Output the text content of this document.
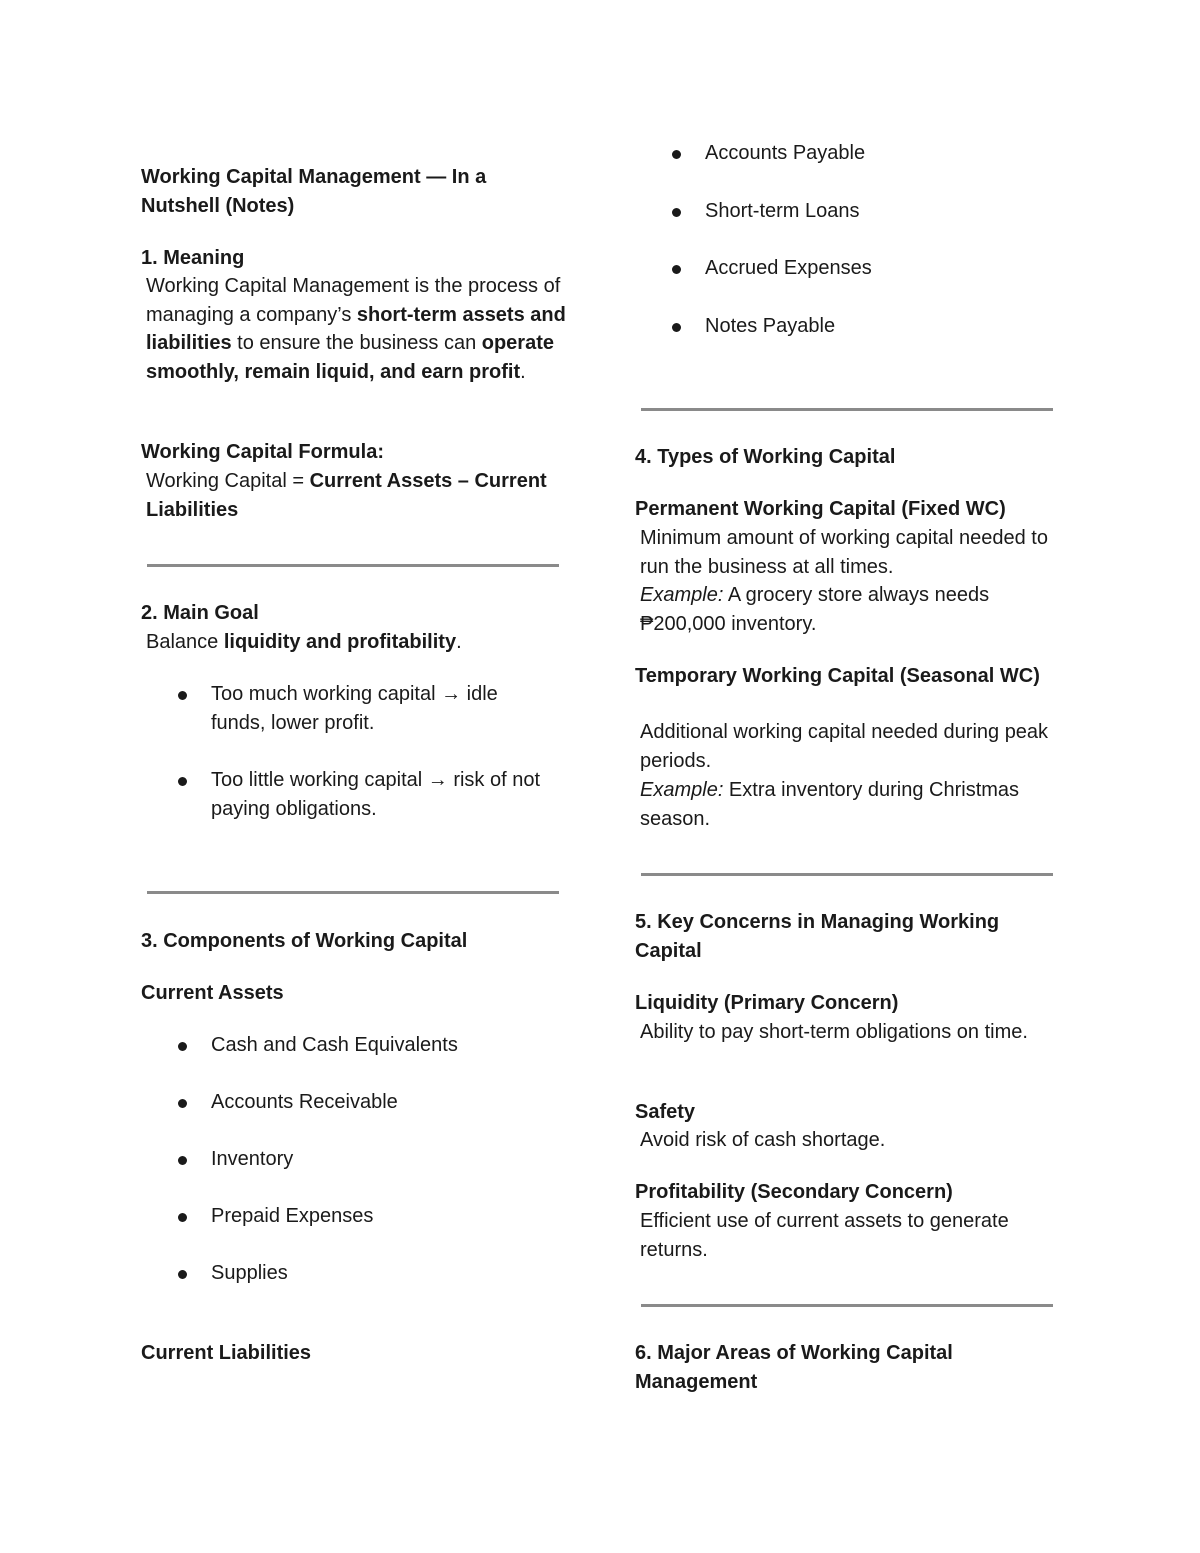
Working Capital Management — In a Nutshell (Notes)

1. Meaning

Working Capital Management is the process of managing a company’s short-term assets and liabilities to ensure the business can operate smoothly, remain liquid, and earn profit.

Working Capital Formula:

Working Capital = Current Assets – Current Liabilities

2. Main Goal

Balance liquidity and profitability.

Too much working capital → idle funds, lower profit.
Too little working capital → risk of not paying obligations.

3. Components of Working Capital

Current Assets

Cash and Cash Equivalents
Accounts Receivable
Inventory
Prepaid Expenses
Supplies

Current Liabilities

Accounts Payable
Short-term Loans
Accrued Expenses
Notes Payable

4. Types of Working Capital

Permanent Working Capital (Fixed WC)

Minimum amount of working capital needed to run the business at all times.

Example: A grocery store always needs ₱200,000 inventory.

Temporary Working Capital (Seasonal WC)

Additional working capital needed during peak periods.

Example: Extra inventory during Christmas season.

5. Key Concerns in Managing Working Capital

Liquidity (Primary Concern)

Ability to pay short-term obligations on time.

Safety

Avoid risk of cash shortage.

Profitability (Secondary Concern)

Efficient use of current assets to generate returns.

6. Major Areas of Working Capital Management
